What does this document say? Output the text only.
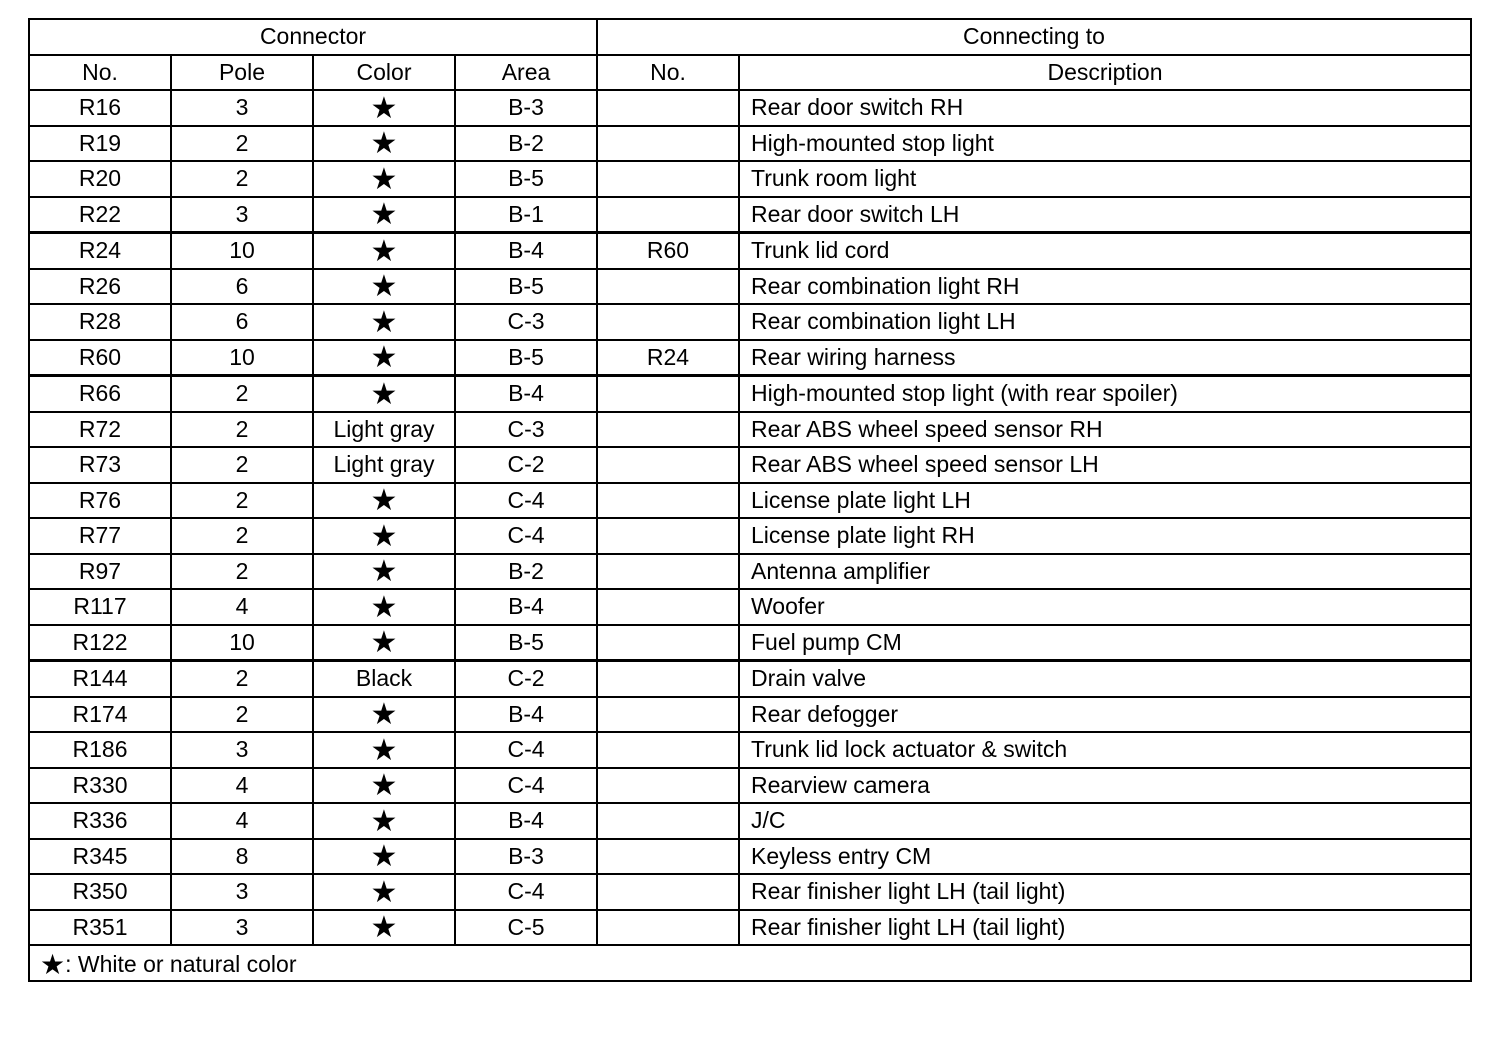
Connector				Connecting to	
No.	Pole	Color	Area	No.	Description
R16	3	★	B-3		Rear door switch RH
R19	2	★	B-2		High-mounted stop light
R20	2	★	B-5		Trunk room light
R22	3	★	B-1		Rear door switch LH
R24	10	★	B-4	R60	Trunk lid cord
R26	6	★	B-5		Rear combination light RH
R28	6	★	C-3		Rear combination light LH
R60	10	★	B-5	R24	Rear wiring harness
R66	2	★	B-4		High-mounted stop light (with rear spoiler)
R72	2	Light gray	C-3		Rear ABS wheel speed sensor RH
R73	2	Light gray	C-2		Rear ABS wheel speed sensor LH
R76	2	★	C-4		License plate light LH
R77	2	★	C-4		License plate light RH
R97	2	★	B-2		Antenna amplifier
R117	4	★	B-4		Woofer
R122	10	★	B-5		Fuel pump CM
R144	2	Black	C-2		Drain valve
R174	2	★	B-4		Rear defogger
R186	3	★	C-4		Trunk lid lock actuator & switch
R330	4	★	C-4		Rearview camera
R336	4	★	B-4		J/C
R345	8	★	B-3		Keyless entry CM
R350	3	★	C-4		Rear finisher light LH (tail light)
R351	3	★	C-5		Rear finisher light LH (tail light)
★: White or natural color					
